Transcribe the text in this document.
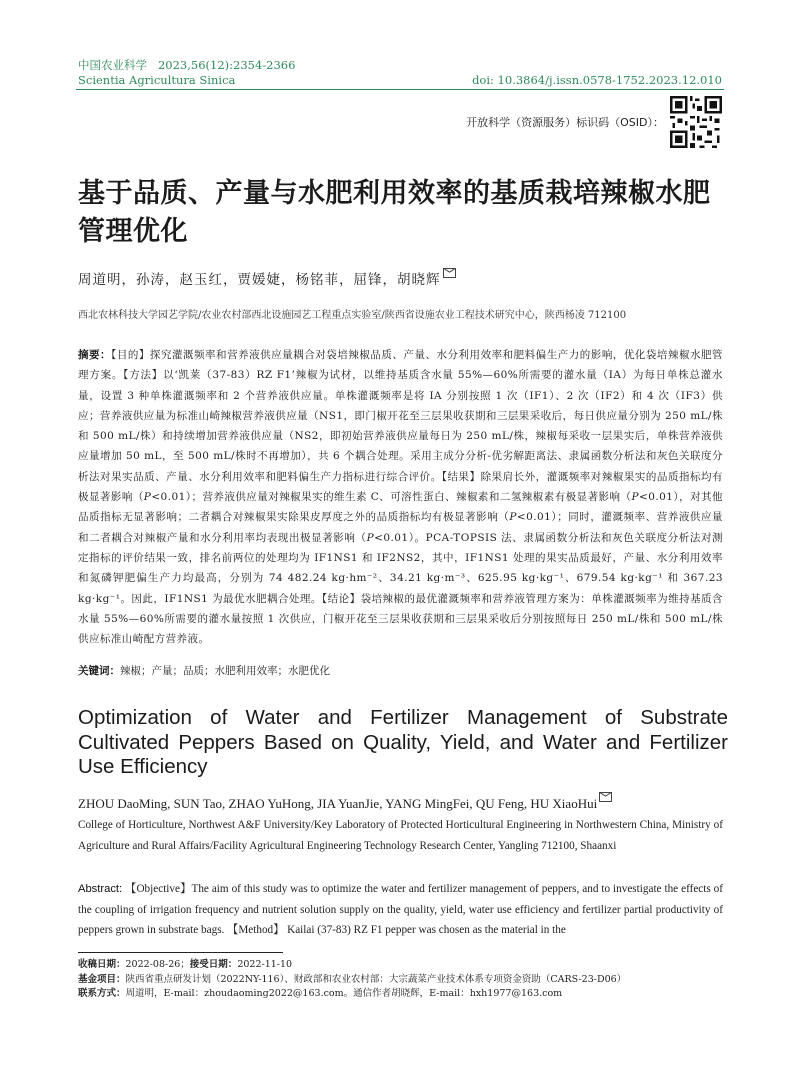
中国农业科学 2023,56(12):2354-2366
Scientia Agricultura Sinica	doi: 10.3864/j.issn.0578-1752.2023.12.010
开放科学（资源服务）标识码（OSID）：
基于品质、产量与水肥利用效率的基质栽培辣椒水肥管理优化
周道明，孙涛，赵玉红，贾媛婕，杨铭菲，屈锋，胡晓辉
西北农林科技大学园艺学院/农业农村部西北设施园艺工程重点实验室/陕西省设施农业工程技术研究中心，陕西杨凌 712100
摘要：【目的】探究灌溉频率和营养液供应量耦合对袋培辣椒品质、产量、水分利用效率和肥料偏生产力的影响，优化袋培辣椒水肥管理方案。【方法】以‘凯莱（37-83）RZ F1’辣椒为试材，以维持基质含水量 55%—60%所需要的灌水量（IA）为每日单株总灌水量，设置 3 种单株灌溉频率和 2 个营养液供应量。单株灌溉频率是将 IA 分别按照 1 次（IF1）、2 次（IF2）和 4 次（IF3）供应；营养液供应量为标准山崎辣椒营养液供应量（NS1，即门椒开花至三层果收获期和三层果采收后，每日供应量分别为 250 mL/株和 500 mL/株）和持续增加营养液供应量（NS2，即初始营养液供应量每日为 250 mL/株，辣椒每采收一层果实后，单株营养液供应量增加 50 mL，至 500 mL/株时不再增加），共 6 个耦合处理。采用主成分分析-优劣解距离法、隶属函数分析法和灰色关联度分析法对果实品质、产量、水分利用效率和肥料偏生产力指标进行综合评价。【结果】除果肩长外，灌溉频率对辣椒果实的品质指标均有极显著影响（P<0.01）；营养液供应量对辣椒果实的维生素 C、可溶性蛋白、辣椒素和二氢辣椒素有极显著影响（P<0.01），对其他品质指标无显著影响；二者耦合对辣椒果实除果皮厚度之外的品质指标均有极显著影响（P<0.01）；同时，灌溉频率、营养液供应量和二者耦合对辣椒产量和水分利用率均表现出极显著影响（P<0.01）。PCA-TOPSIS 法、隶属函数分析法和灰色关联度分析法对测定指标的评价结果一致，排名前两位的处理均为 IF1NS1 和 IF2NS2，其中，IF1NS1 处理的果实品质最好，产量、水分利用效率和氮磷钾肥偏生产力均最高，分别为 74 482.24 kg·hm⁻²、34.21 kg·m⁻³、625.95 kg·kg⁻¹、679.54 kg·kg⁻¹ 和 367.23 kg·kg⁻¹。因此，IF1NS1 为最优水肥耦合处理。【结论】袋培辣椒的最优灌溉频率和营养液管理方案为：单株灌溉频率为维持基质含水量 55%—60%所需要的灌水量按照 1 次供应，门椒开花至三层果收获期和三层果采收后分别按照每日 250 mL/株和 500 mL/株供应标准山崎配方营养液。
关键词：辣椒；产量；品质；水肥利用效率；水肥优化
Optimization of Water and Fertilizer Management of Substrate Cultivated Peppers Based on Quality, Yield, and Water and Fertilizer Use Efficiency
ZHOU DaoMing, SUN Tao, ZHAO YuHong, JIA YuanJie, YANG MingFei, QU Feng, HU XiaoHui
College of Horticulture, Northwest A&F University/Key Laboratory of Protected Horticultural Engineering in Northwestern China, Ministry of Agriculture and Rural Affairs/Facility Agricultural Engineering Technology Research Center, Yangling 712100, Shaanxi
Abstract: 【Objective】The aim of this study was to optimize the water and fertilizer management of peppers, and to investigate the effects of the coupling of irrigation frequency and nutrient solution supply on the quality, yield, water use efficiency and fertilizer partial productivity of peppers grown in substrate bags. 【Method】 Kailai (37-83) RZ F1 pepper was chosen as the material in the
收稿日期：2022-08-26；接受日期：2022-11-10
基金项目：陕西省重点研发计划（2022NY-116）、财政部和农业农村部：大宗蔬菜产业技术体系专项资金资助（CARS-23-D06）
联系方式：周道明，E-mail：zhoudaoming2022@163.com。通信作者胡晓辉，E-mail：hxh1977@163.com
